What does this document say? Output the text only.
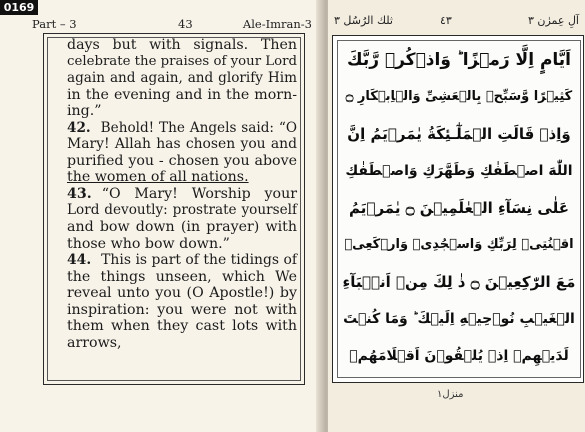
0169
Part – 3	43	Ale-Imran-3
days but with signals. Then
celebrate the praises of your Lord
again and again, and glorify Him
in the evening and in the morn-
ing.”
42. Behold! The Angels said: “O
Mary! Allah has chosen you and
purified you - chosen you above
the women of all nations.
43. “O Mary! Worship your
Lord devoutly: prostrate yourself
and bow down (in prayer) with
those who bow down.”
44. This is part of the tidings of
the things unseen, which We
reveal unto you (O Apostle!) by
inspiration: you were not with
them when they cast lots with
arrows,
ثلك الرُسُل ٣	٤٣	آلِ عِمرٰن ٣
اَيَّامٍ اِلَّا رَمۡزًا ؕ وَاذۡكُرۡ رَّبَّكَ
كَثِيۡرًا وَّسَبِّحۡ بِالۡعَشِىِّ وَالۡاِبۡكَارِ ۝
وَاِذۡ قَالَتِ الۡمَلٰٓـئِكَةُ يٰمَرۡيَمُ اِنَّ
اللّٰهَ اصۡطَفٰكِ وَطَهَّرَكِ وَاصۡطَفٰكِ
عَلٰى نِسَآءِ الۡعٰلَمِيۡنَ ۝ يٰمَرۡيَمُ
اقۡنُتِىۡ لِرَبِّكِ وَاسۡجُدِىۡ وَارۡكَعِىۡ
مَعَ الرّٰكِعِيۡنَ ۝ ذٰ لِكَ مِنۡ اَنۡۢبَآءِ
الۡغَيۡبِ نُوۡحِيۡهِ اِلَيۡكَ ؕ وَمَا كُنۡتَ
لَدَيۡهِمۡ اِذۡ يُلۡقُوۡنَ اَقۡلَامَهُمۡ
منزل١
